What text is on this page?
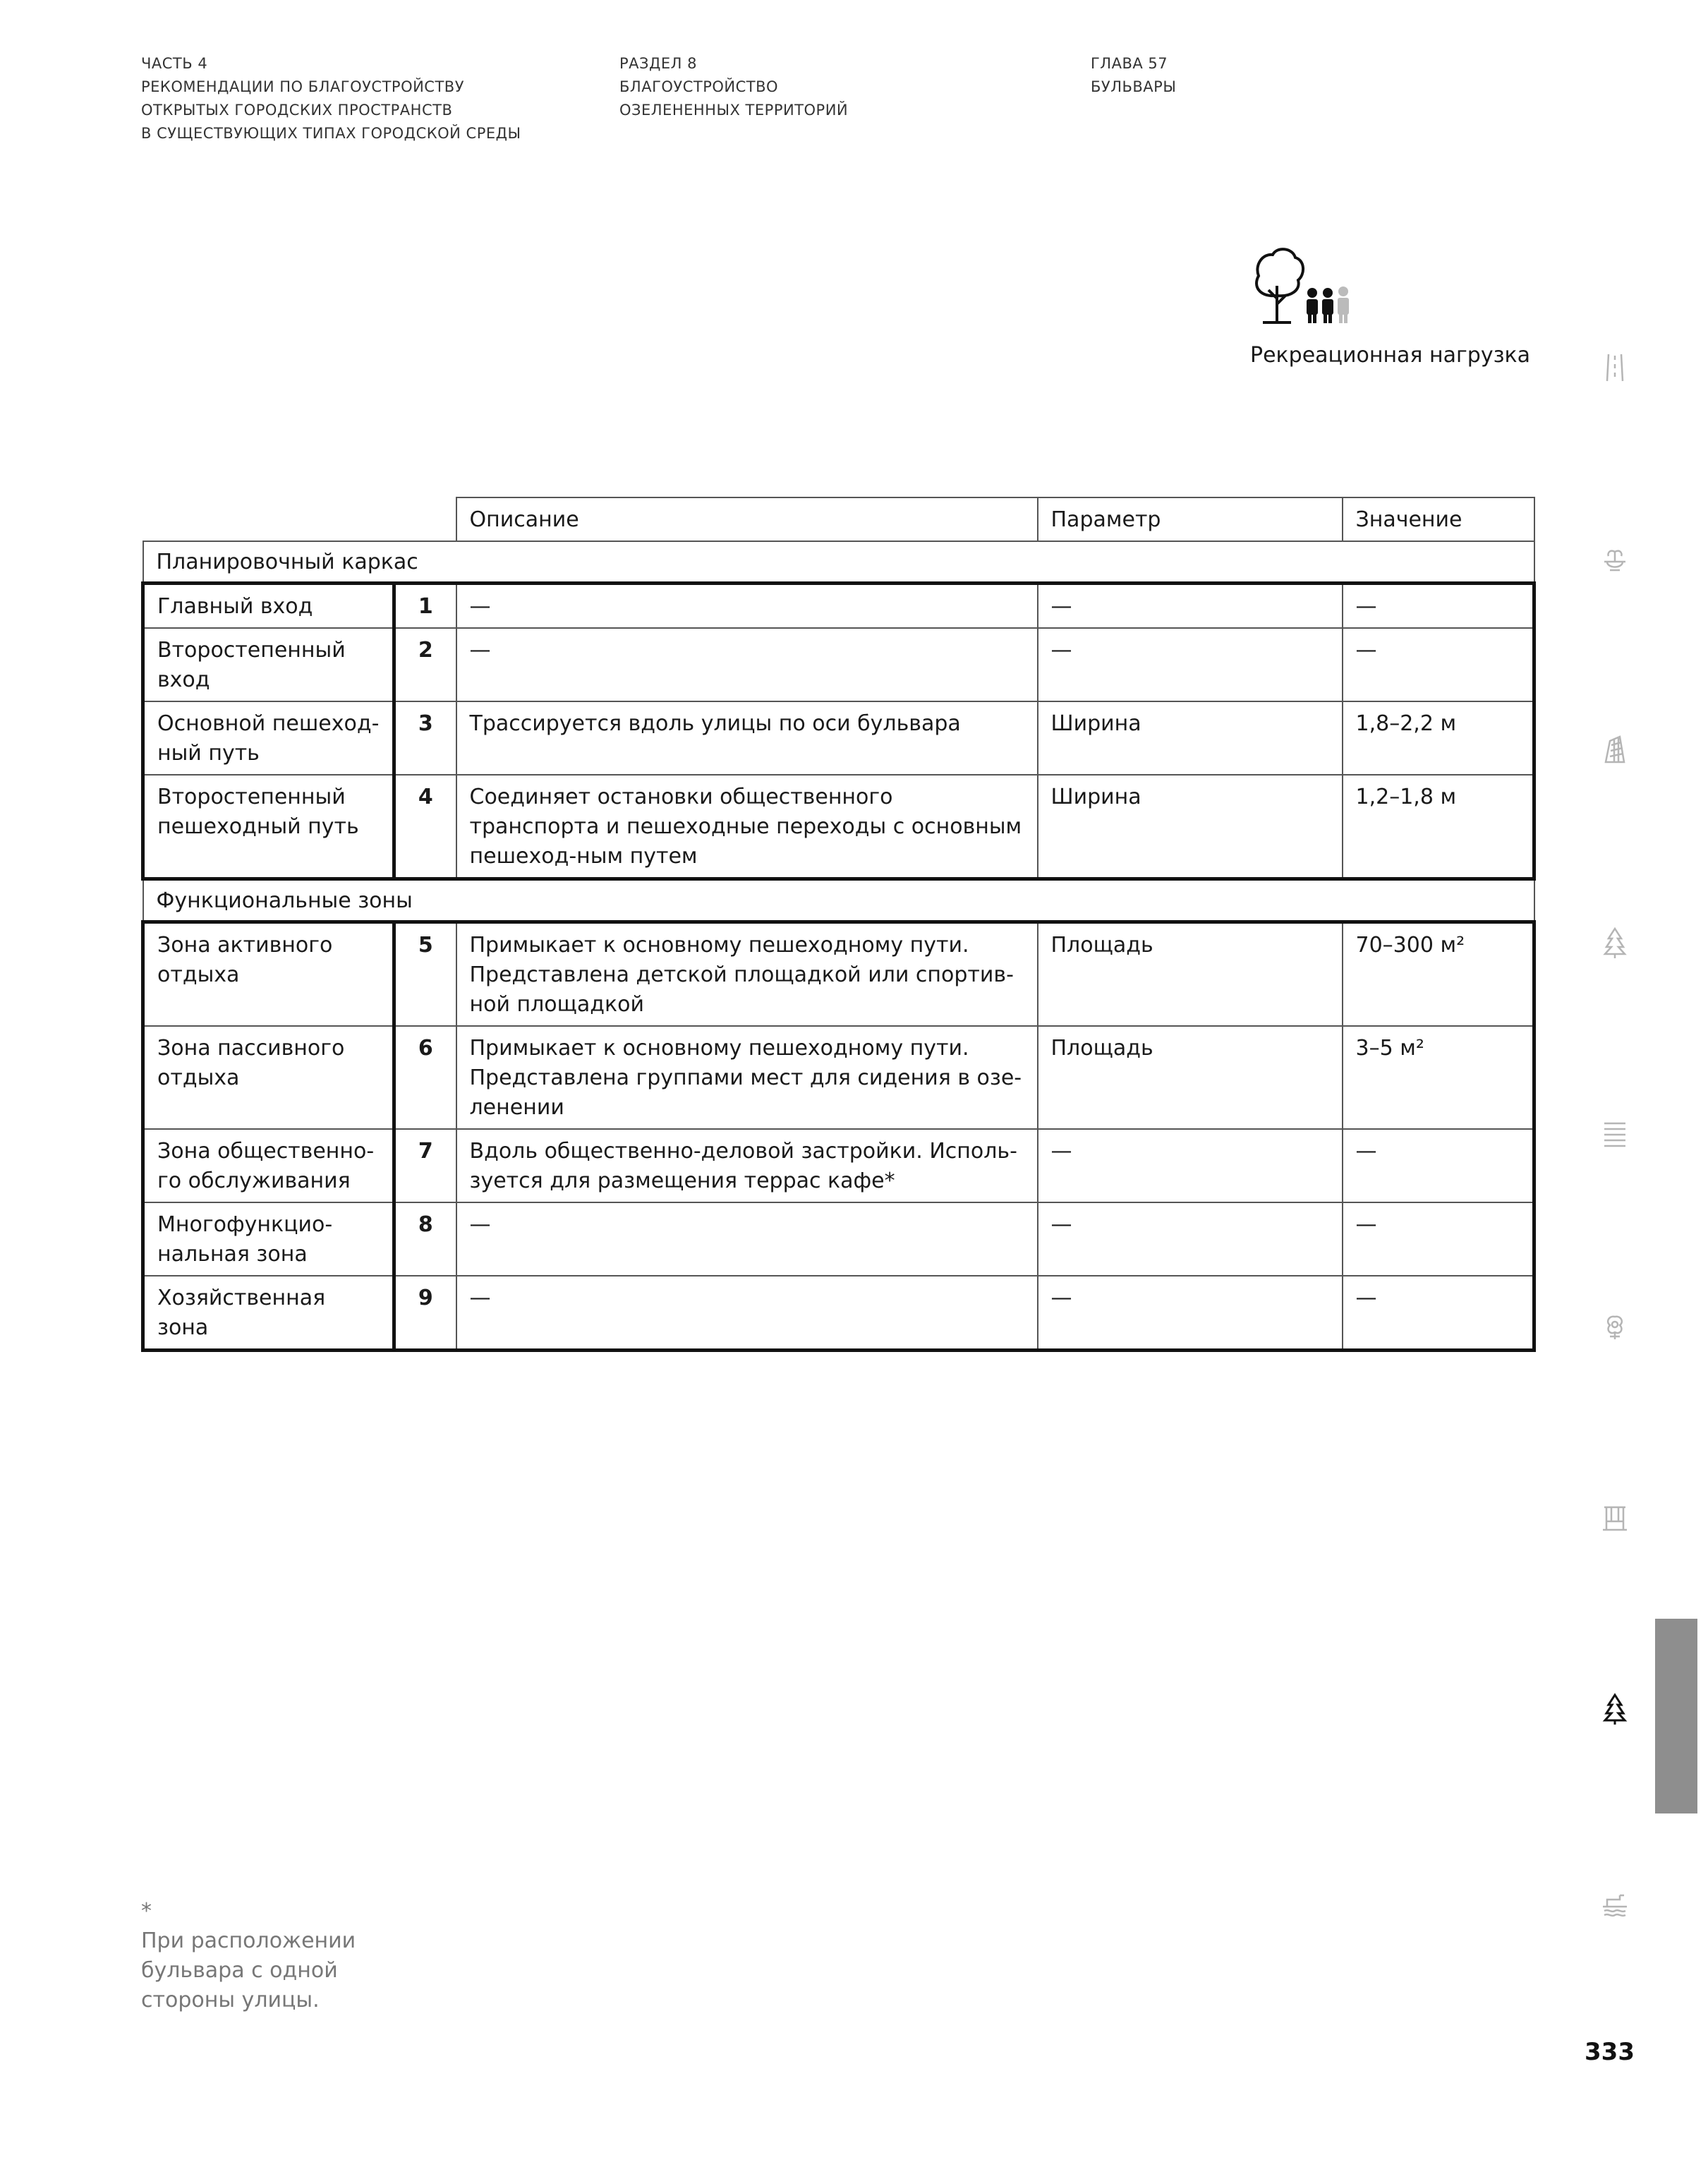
ЧАСТЬ 4
РЕКОМЕНДАЦИИ ПО БЛАГОУСТРОЙСТВУ
ОТКРЫТЫХ ГОРОДСКИХ ПРОСТРАНСТВ
В СУЩЕСТВУЮЩИХ ТИПАХ ГОРОДСКОЙ СРЕДЫ
РАЗДЕЛ 8
БЛАГОУСТРОЙСТВО
ОЗЕЛЕНЕННЫХ ТЕРРИТОРИЙ
ГЛАВА 57
БУЛЬВАРЫ
Рекреационная нагрузка
		Описание	Параметр	Значение
Планировочный каркас				
Главный вход	1	—	—	—
Второстепенный вход	2	—	—	—
Основной пешеход-ный путь	3	Трассируется вдоль улицы по оси бульвара	Ширина	1,8–2,2 м
Второстепенный пешеходный путь	4	Соединяет остановки общественного транспорта и пешеходные переходы с основным пешеход-ным путем	Ширина	1,2–1,8 м
Функциональные зоны				
Зона активного отдыха	5	Примыкает к основному пешеходному пути. Представлена детской площадкой или спортив-ной площадкой	Площадь	70–300 м²
Зона пассивного отдыха	6	Примыкает к основному пешеходному пути. Представлена группами мест для сидения в озе-ленении	Площадь	3–5 м²
Зона общественно-го обслуживания	7	Вдоль общественно-деловой застройки. Исполь-зуется для размещения террас кафе*	—	—
Многофункцио-нальная зона	8	—	—	—
Хозяйственная зона	9	—	—	—
*
При расположении
бульвара с одной
стороны улицы.
333
